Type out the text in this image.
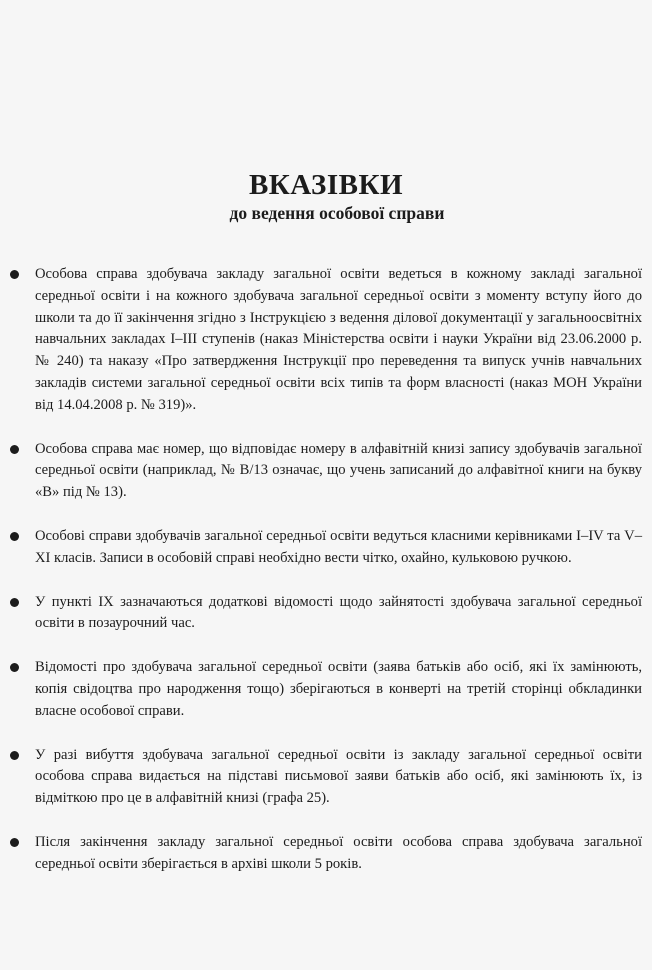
ВКАЗІВКИ
до ведення особової справи
Особова справа здобувача закладу загальної освіти ведеться в кожному закладі загальної середньої освіти і на кожного здобувача загальної середньої освіти з моменту вступу його до школи та до її закінчення згідно з Інструкцією з ведення ділової документації у загальноосвітніх навчальних закладах І–ІІІ ступенів (наказ Міністерства освіти і науки України від 23.06.2000 р. № 240) та наказу «Про затвердження Інструкції про переведення та випуск учнів навчальних закладів системи загальної середньої освіти всіх типів та форм власності (наказ МОН України від 14.04.2008 р. № 319)».
Особова справа має номер, що відповідає номеру в алфавітній книзі запису здобувачів загальної середньої освіти (наприклад, № В/13 означає, що учень записаний до алфавітної книги на букву «В» під № 13).
Особові справи здобувачів загальної середньої освіти ведуться класними керівниками І–IV та V–XI класів. Записи в особовій справі необхідно вести чітко, охайно, кульковою ручкою.
У пункті IX зазначаються додаткові відомості щодо зайнятості здобувача загальної середньої освіти в позаурочний час.
Відомості про здобувача загальної середньої освіти (заява батьків або осіб, які їх замінюють, копія свідоцтва про народження тощо) зберігаються в конверті на третій сторінці обкладинки власне особової справи.
У разі вибуття здобувача загальної середньої освіти із закладу загальної середньої освіти особова справа видається на підставі письмової заяви батьків або осіб, які замінюють їх, із відміткою про це в алфавітній книзі (графа 25).
Після закінчення закладу загальної середньої освіти особова справа здобувача загальної середньої освіти зберігається в архіві школи 5 років.
